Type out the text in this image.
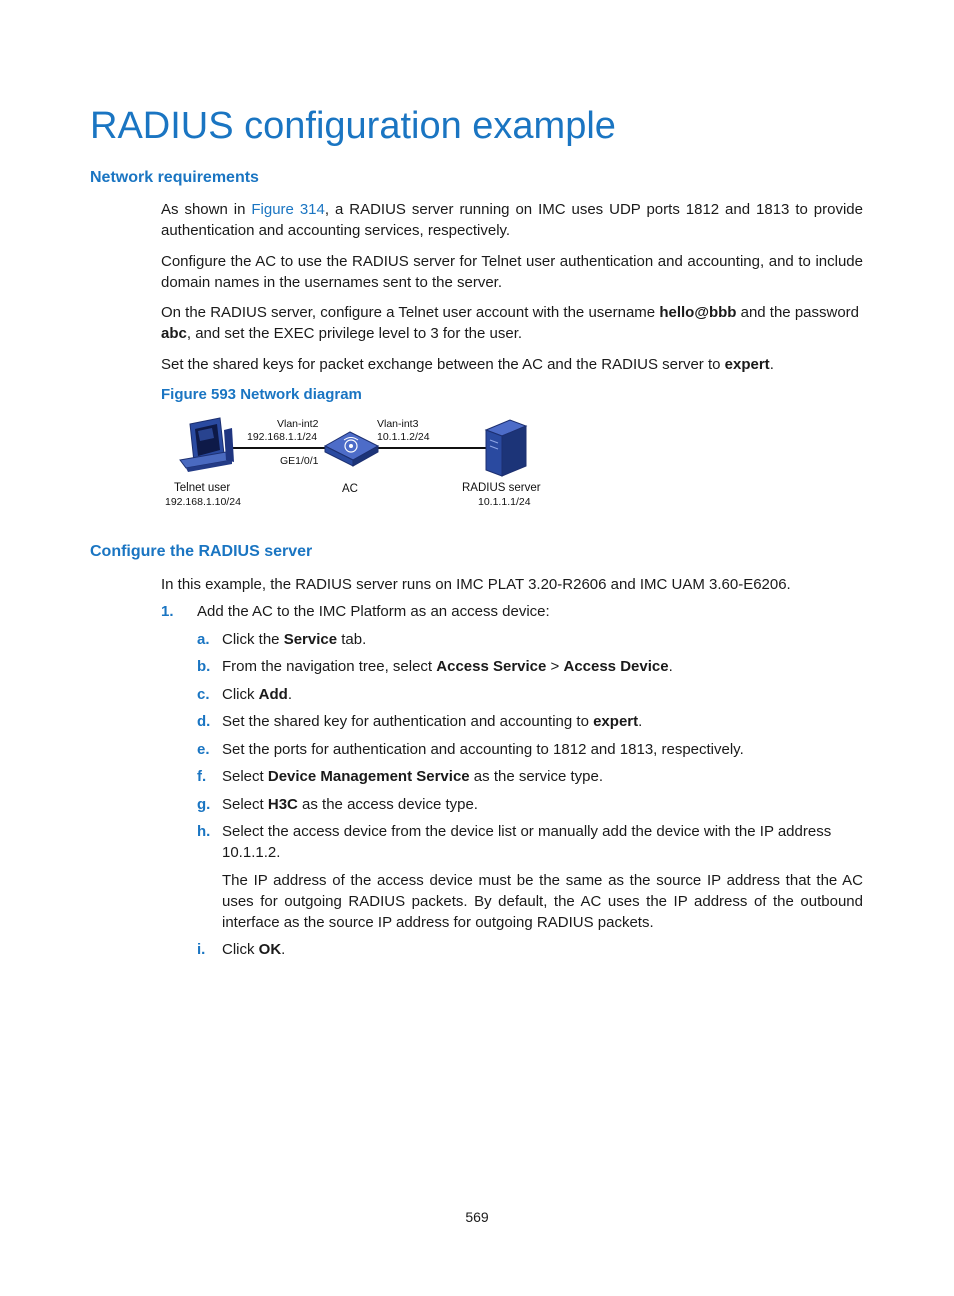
RADIUS configuration example
Network requirements

As shown in Figure 314, a RADIUS server running on IMC uses UDP ports 1812 and 1813 to provide authentication and accounting services, respectively.

Configure the AC to use the RADIUS server for Telnet user authentication and accounting, and to include domain names in the usernames sent to the server.

On the RADIUS server, configure a Telnet user account with the username hello@bbb and the password
abc, and set the EXEC privilege level to 3 for the user.

Set the shared keys for packet exchange between the AC and the RADIUS server to expert.

Figure 593 Network diagram

Vlan-int2
192.168.1.1/24
Vlan-int3
10.1.1.2/24
GE1/0/1
Telnet user
192.168.1.10/24
AC	RADIUS server
10.1.1.1/24
Configure the RADIUS server

In this example, the RADIUS server runs on IMC PLAT 3.20-R2606 and IMC UAM 3.60-E6206.

1. Add the AC to the IMC Platform as an access device:
a. Click the Service tab.
b. From the navigation tree, select Access Service > Access Device.
c. Click Add.
d. Set the shared key for authentication and accounting to expert.
e. Set the ports for authentication and accounting to 1812 and 1813, respectively.
f. Select Device Management Service as the service type.
g. Select H3C as the access device type.
h. Select the access device from the device list or manually add the device with the IP address 10.1.1.2.

The IP address of the access device must be the same as the source IP address that the AC uses for outgoing RADIUS packets. By default, the AC uses the IP address of the outbound interface as the source IP address for outgoing RADIUS packets.

i. Click OK.
569
